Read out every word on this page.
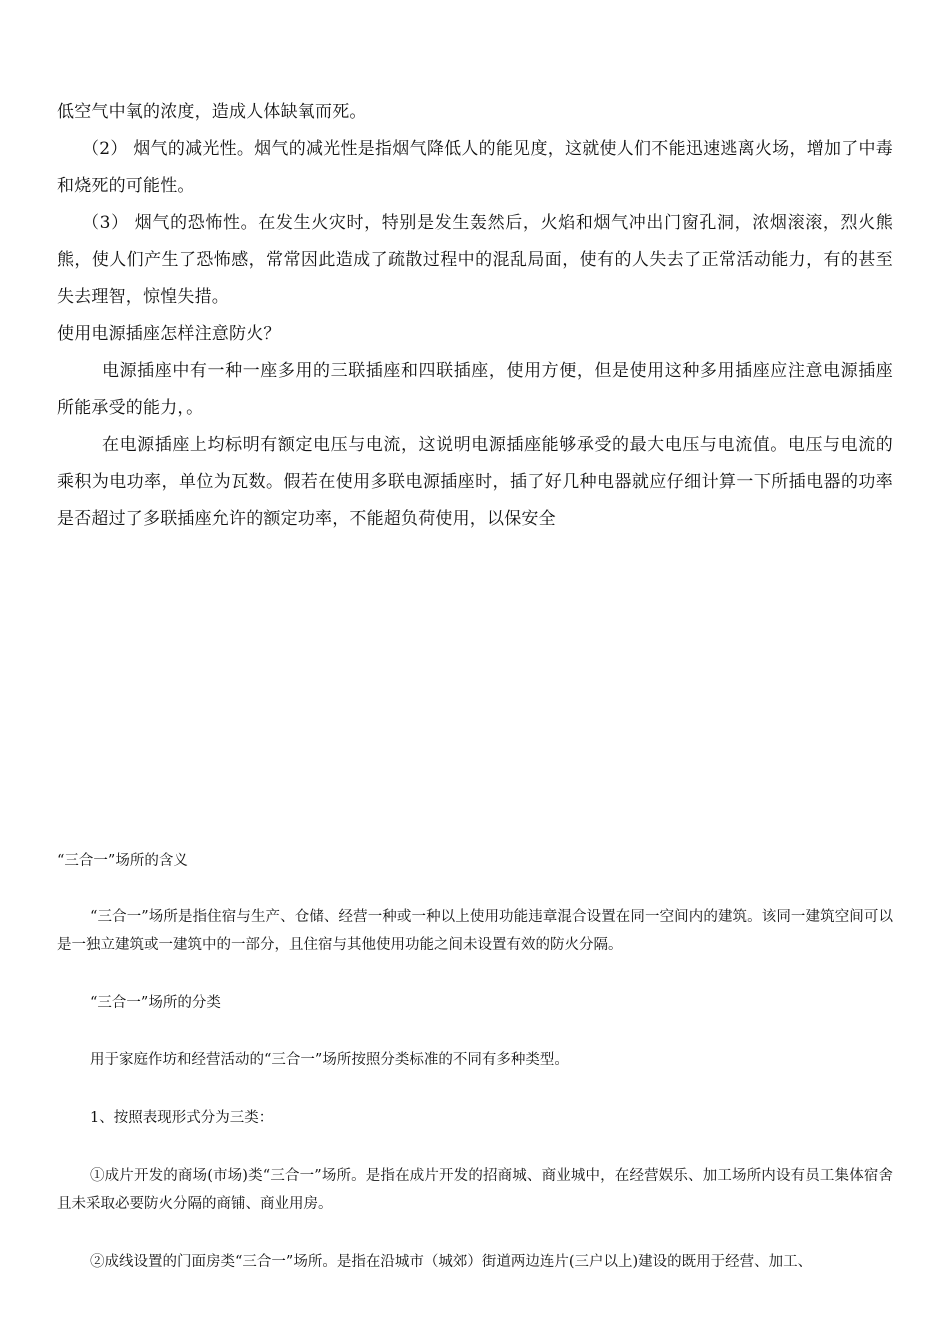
低空气中氧的浓度，造成人体缺氧而死。

（2） 烟气的减光性。烟气的减光性是指烟气降低人的能见度，这就使人们不能迅速逃离火场，增加了中毒和烧死的可能性。

（3） 烟气的恐怖性。在发生火灾时，特别是发生轰然后，火焰和烟气冲出门窗孔洞，浓烟滚滚，烈火熊熊，使人们产生了恐怖感，常常因此造成了疏散过程中的混乱局面，使有的人失去了正常活动能力，有的甚至失去理智，惊惶失措。

使用电源插座怎样注意防火？

电源插座中有一种一座多用的三联插座和四联插座，使用方便，但是使用这种多用插座应注意电源插座所能承受的能力，。

在电源插座上均标明有额定电压与电流，这说明电源插座能够承受的最大电压与电流值。电压与电流的乘积为电功率，单位为瓦数。假若在使用多联电源插座时，插了好几种电器就应仔细计算一下所插电器的功率是否超过了多联插座允许的额定功率，不能超负荷使用，以保安全

“三合一”场所的含义

“三合一”场所是指住宿与生产、仓储、经营一种或一种以上使用功能违章混合设置在同一空间内的建筑。该同一建筑空间可以是一独立建筑或一建筑中的一部分，且住宿与其他使用功能之间未设置有效的防火分隔。

“三合一”场所的分类

用于家庭作坊和经营活动的“三合一”场所按照分类标准的不同有多种类型。

1、按照表现形式分为三类：

①成片开发的商场(市场)类“三合一”场所。是指在成片开发的招商城、商业城中，在经营娱乐、加工场所内设有员工集体宿舍且未采取必要防火分隔的商铺、商业用房。

②成线设置的门面房类“三合一”场所。是指在沿城市（城郊）街道两边连片(三户以上)建设的既用于经营、加工、
